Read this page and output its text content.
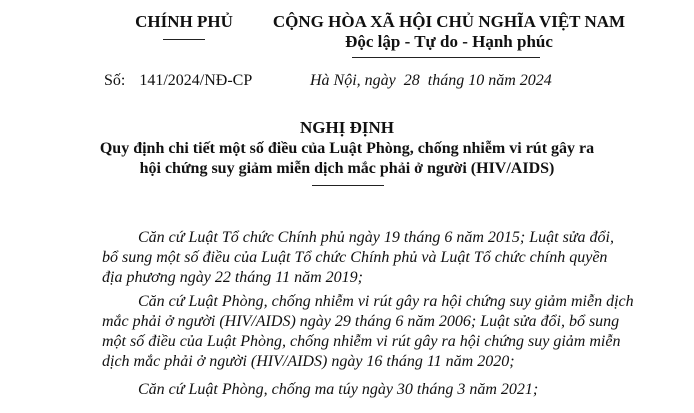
CHÍNH PHỦ	CỘNG HÒA XÃ HỘI CHỦ NGHĨA VIỆT NAM
Độc lập - Tự do - Hạnh phúc
Số: 141/2024/NĐ-CP	Hà Nội, ngày  28  tháng 10 năm 2024
NGHỊ ĐỊNH
Quy định chi tiết một số điều của Luật Phòng, chống nhiễm vi rút gây ra
hội chứng suy giảm miễn dịch mắc phải ở người (HIV/AIDS)
Căn cứ Luật Tổ chức Chính phủ ngày 19 tháng 6 năm 2015; Luật sửa đổi,
bổ sung một số điều của Luật Tổ chức Chính phủ và Luật Tổ chức chính quyền
địa phương ngày 22 tháng 11 năm 2019;
Căn cứ Luật Phòng, chống nhiễm vi rút gây ra hội chứng suy giảm miễn dịch
mắc phải ở người (HIV/AIDS) ngày 29 tháng 6 năm 2006; Luật sửa đổi, bổ sung
một số điều của Luật Phòng, chống nhiễm vi rút gây ra hội chứng suy giảm miễn
dịch mắc phải ở người (HIV/AIDS) ngày 16 tháng 11 năm 2020;
Căn cứ Luật Phòng, chống ma túy ngày 30 tháng 3 năm 2021;
